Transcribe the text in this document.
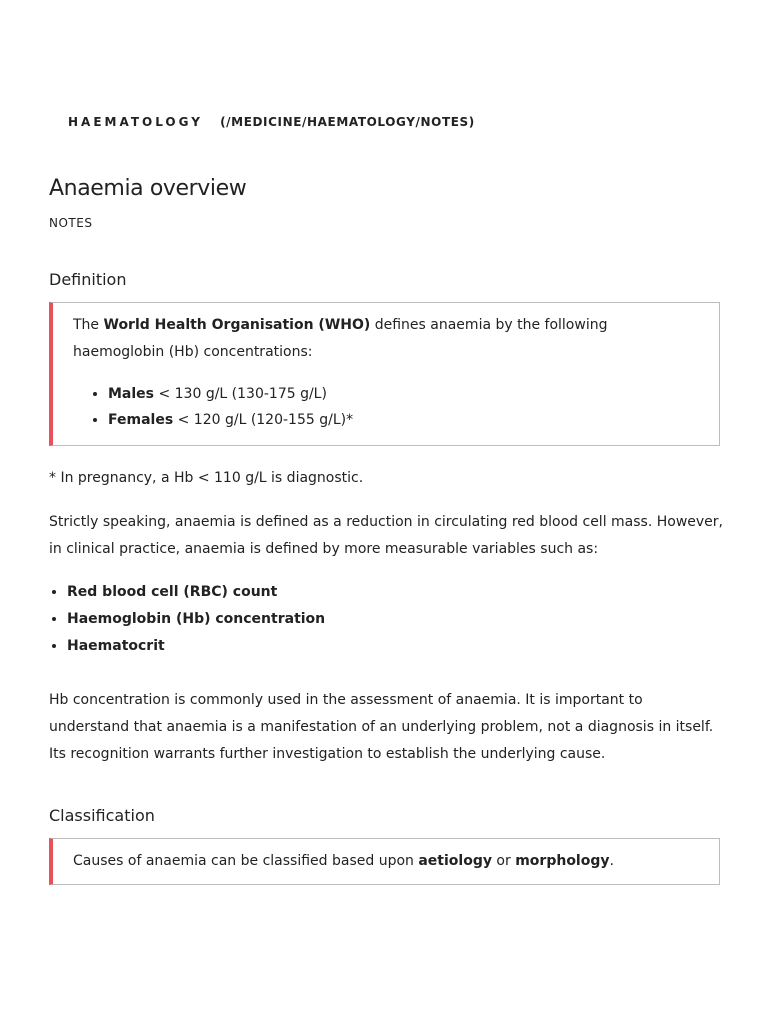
HAEMATOLOGY (/MEDICINE/HAEMATOLOGY/NOTES)
Anaemia overview
NOTES
Definition

The World Health Organisation (WHO) defines anaemia by the following haemoglobin (Hb) concentrations:

• Males < 130 g/L (130-175 g/L)
• Females < 120 g/L (120-155 g/L)*

* In pregnancy, a Hb < 110 g/L is diagnostic.

Strictly speaking, anaemia is defined as a reduction in circulating red blood cell mass. However, in clinical practice, anaemia is defined by more measurable variables such as:

• Red blood cell (RBC) count
• Haemoglobin (Hb) concentration
• Haematocrit

Hb concentration is commonly used in the assessment of anaemia. It is important to understand that anaemia is a manifestation of an underlying problem, not a diagnosis in itself. Its recognition warrants further investigation to establish the underlying cause.

Classification

Causes of anaemia can be classified based upon aetiology or morphology.
